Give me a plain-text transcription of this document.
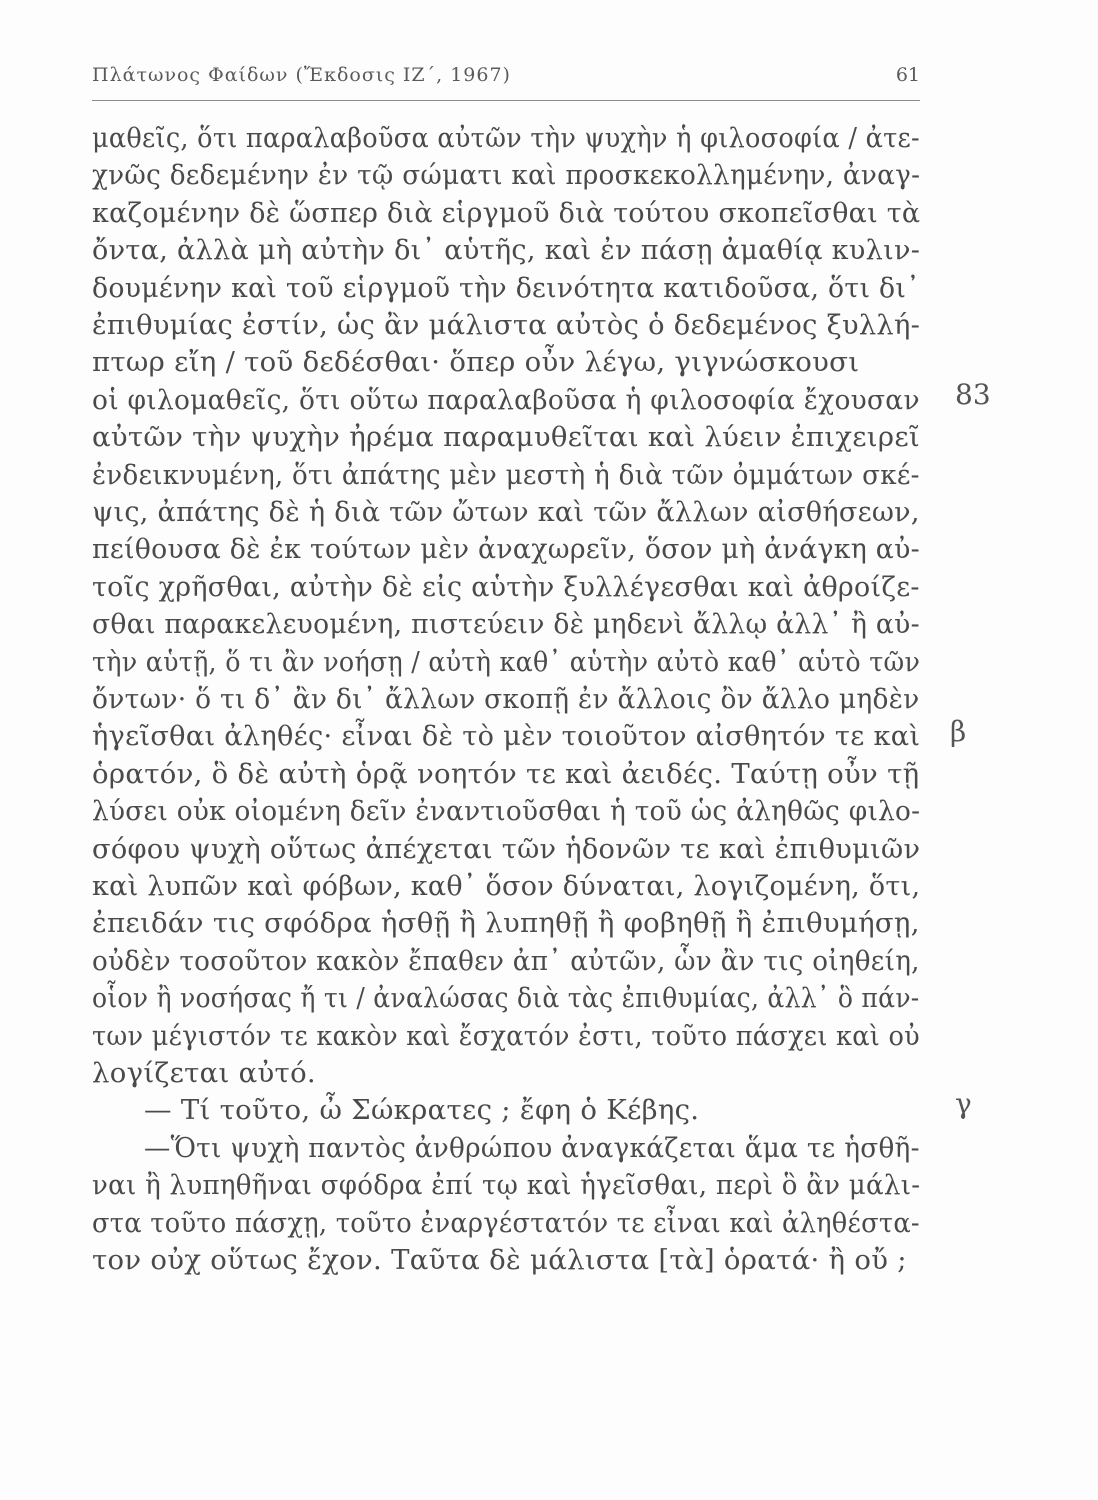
Πλάτωνος Φαίδων (Ἔκδοσις ΙΖ΄, 1967)	61
μαθεῖς, ὅτι παραλαβοῦσα αὐτῶν τὴν ψυχὴν ἡ φιλοσοφία / ἀτε-
χνῶς δεδεμένην ἐν τῷ σώματι καὶ προσκεκολλημένην, ἀναγ-
καζομένην δὲ ὥσπερ διὰ εἱργμοῦ διὰ τούτου σκοπεῖσθαι τὰ
ὄντα, ἀλλὰ μὴ αὐτὴν δι᾿ αὑτῆς, καὶ ἐν πάσῃ ἀμαθίᾳ κυλιν-
δουμένην καὶ τοῦ εἱργμοῦ τὴν δεινότητα κατιδοῦσα, ὅτι δι᾿
ἐπιθυμίας ἐστίν, ὡς ἂν μάλιστα αὐτὸς ὁ δεδεμένος ξυλλή-
πτωρ εἴη / τοῦ δεδέσθαι· ὅπερ οὖν λέγω, γιγνώσκουσι
οἱ φιλομαθεῖς, ὅτι οὕτω παραλαβοῦσα ἡ φιλοσοφία ἔχουσαν
αὐτῶν τὴν ψυχὴν ἠρέμα παραμυθεῖται καὶ λύειν ἐπιχειρεῖ
ἐνδεικνυμένη, ὅτι ἀπάτης μὲν μεστὴ ἡ διὰ τῶν ὀμμάτων σκέ-
ψις, ἀπάτης δὲ ἡ διὰ τῶν ὤτων καὶ τῶν ἄλλων αἰσθήσεων,
πείθουσα δὲ ἐκ τούτων μὲν ἀναχωρεῖν, ὅσον μὴ ἀνάγκη αὐ-
τοῖς χρῆσθαι, αὐτὴν δὲ εἰς αὑτὴν ξυλλέγεσθαι καὶ ἀθροίζε-
σθαι παρακελευομένη, πιστεύειν δὲ μηδενὶ ἄλλῳ ἀλλ᾿ ἢ αὐ-
τὴν αὑτῇ, ὅ τι ἂν νοήσῃ / αὐτὴ καθ᾿ αὑτὴν αὐτὸ καθ᾿ αὑτὸ τῶν
ὄντων· ὅ τι δ᾿ ἂν δι᾿ ἄλλων σκοπῇ ἐν ἄλλοις ὂν ἄλλο μηδὲν
ἡγεῖσθαι ἀληθές· εἶναι δὲ τὸ μὲν τοιοῦτον αἰσθητόν τε καὶ
ὁρατόν, ὃ δὲ αὐτὴ ὁρᾷ νοητόν τε καὶ ἀειδές. Ταύτῃ οὖν τῇ
λύσει οὐκ οἰομένη δεῖν ἐναντιοῦσθαι ἡ τοῦ ὡς ἀληθῶς φιλο-
σόφου ψυχὴ οὕτως ἀπέχεται τῶν ἡδονῶν τε καὶ ἐπιθυμιῶν
καὶ λυπῶν καὶ φόβων, καθ᾿ ὅσον δύναται, λογιζομένη, ὅτι,
ἐπειδάν τις σφόδρα ἡσθῇ ἢ λυπηθῇ ἢ φοβηθῇ ἢ ἐπιθυμήσῃ,
οὐδὲν τοσοῦτον κακὸν ἔπαθεν ἀπ᾿ αὐτῶν, ὧν ἂν τις οἰηθείη,
οἷον ἢ νοσήσας ἤ τι / ἀναλώσας διὰ τὰς ἐπιθυμίας, ἀλλ᾿ ὃ πάν-
των μέγιστόν τε κακὸν καὶ ἔσχατόν ἐστι, τοῦτο πάσχει καὶ οὐ
λογίζεται αὐτό.
— Τί τοῦτο, ὦ Σώκρατες ; ἔφη ὁ Κέβης.
—Ὅτι ψυχὴ παντὸς ἀνθρώπου ἀναγκάζεται ἅμα τε ἡσθῆ-
ναι ἢ λυπηθῆναι σφόδρα ἐπί τῳ καὶ ἡγεῖσθαι, περὶ ὃ ἂν μάλι-
στα τοῦτο πάσχῃ, τοῦτο ἐναργέστατόν τε εἶναι καὶ ἀληθέστα-
τον οὐχ οὕτως ἔχον. Ταῦτα δὲ μάλιστα [τὰ] ὁρατά· ἢ οὔ ;
83
β
γ
